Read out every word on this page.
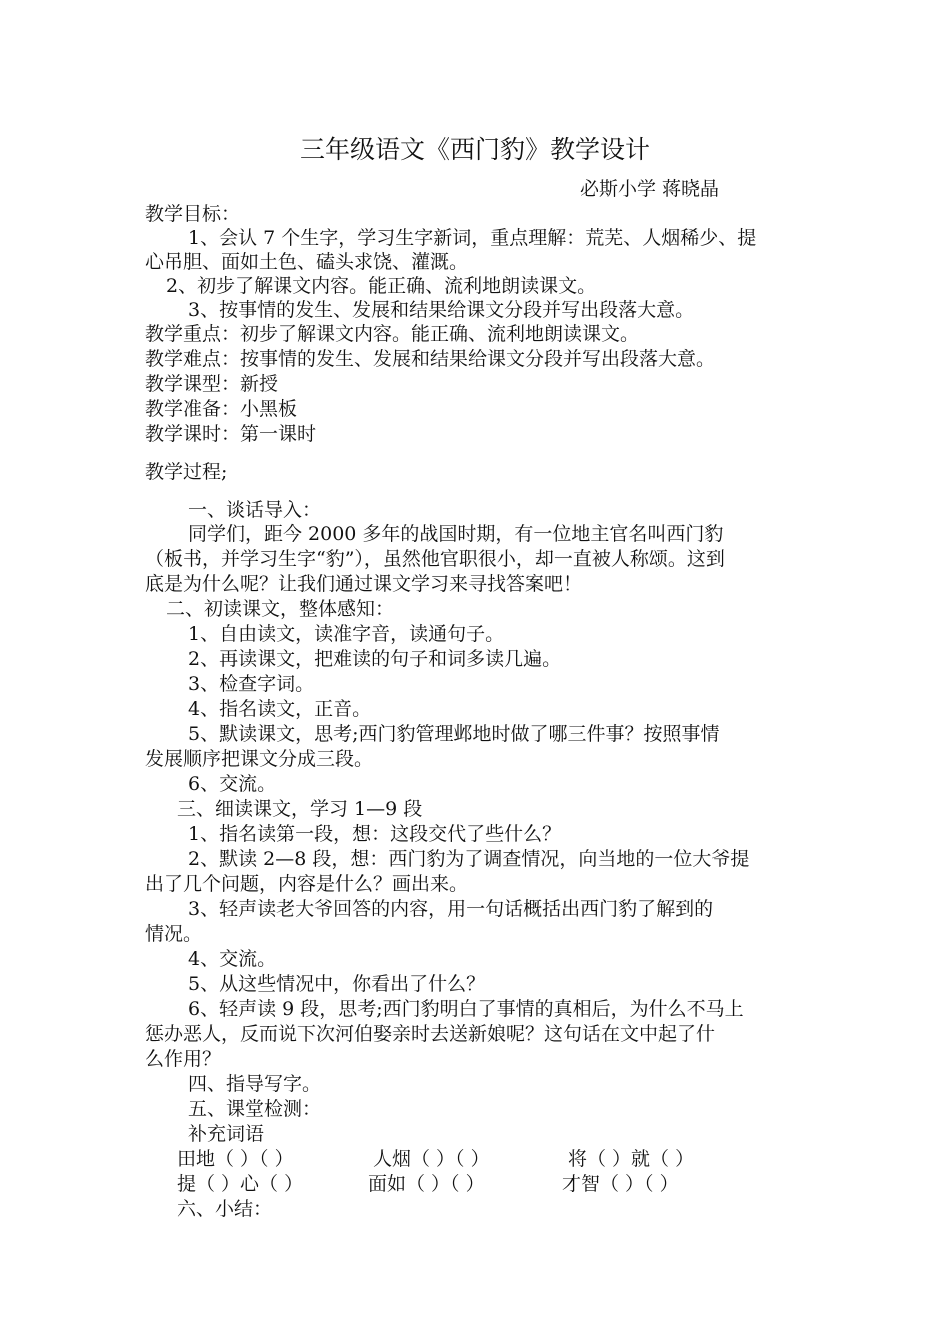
三年级语文《西门豹》教学设计
必斯小学 蒋晓晶
教学目标：
1、会认 7 个生字，学习生字新词，重点理解：荒芜、人烟稀少、提
心吊胆、面如土色、磕头求饶、灌溉。
2、初步了解课文内容。能正确、流利地朗读课文。
3、按事情的发生、发展和结果给课文分段并写出段落大意。
教学重点：初步了解课文内容。能正确、流利地朗读课文。
教学难点：按事情的发生、发展和结果给课文分段并写出段落大意。
教学课型：新授
教学准备：小黑板
教学课时：第一课时
教学过程;
一、谈话导入：
同学们，距今 2000 多年的战国时期，有一位地主官名叫西门豹
（板书，并学习生字“豹”），虽然他官职很小，却一直被人称颂。这到
底是为什么呢？让我们通过课文学习来寻找答案吧！
二、初读课文，整体感知：
1、自由读文，读准字音，读通句子。
2、再读课文，把难读的句子和词多读几遍。
3、检查字词。
4、指名读文，正音。
5、默读课文，思考;西门豹管理邺地时做了哪三件事？按照事情
发展顺序把课文分成三段。
6、交流。
三、细读课文，学习 1—9 段
1、指名读第一段，想：这段交代了些什么？
2、默读 2—8 段，想：西门豹为了调查情况，向当地的一位大爷提
出了几个问题，内容是什么？画出来。
3、轻声读老大爷回答的内容，用一句话概括出西门豹了解到的
情况。
4、交流。
5、从这些情况中，你看出了什么？
6、轻声读 9 段，思考;西门豹明白了事情的真相后，为什么不马上
惩办恶人，反而说下次河伯娶亲时去送新娘呢？这句话在文中起了什
么作用？
四、指导写字。
五、课堂检测：
补充词语
田地（ ）（ ）	人烟（ ）（ ）	将（ ）就（ ）
提（ ）心（ ）	面如（ ）（ ）	才智（ ）（ ）
六、小结：
